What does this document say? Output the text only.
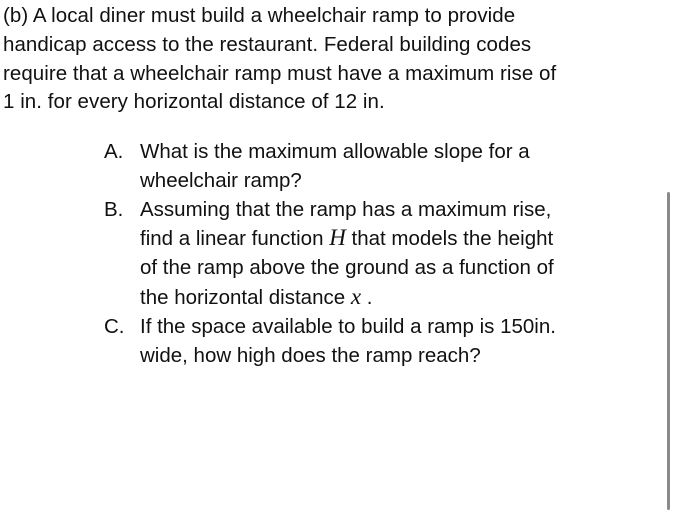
(b) A local diner must build a wheelchair ramp to provide
handicap access to the restaurant. Federal building codes
require that a wheelchair ramp must have a maximum rise of
1 in. for every horizontal distance of 12 in.
A. What is the maximum allowable slope for a
wheelchair ramp?
B. Assuming that the ramp has a maximum rise,
find a linear function H that models the height
of the ramp above the ground as a function of
the horizontal distance x .
C. If the space available to build a ramp is 150in.
wide, how high does the ramp reach?
